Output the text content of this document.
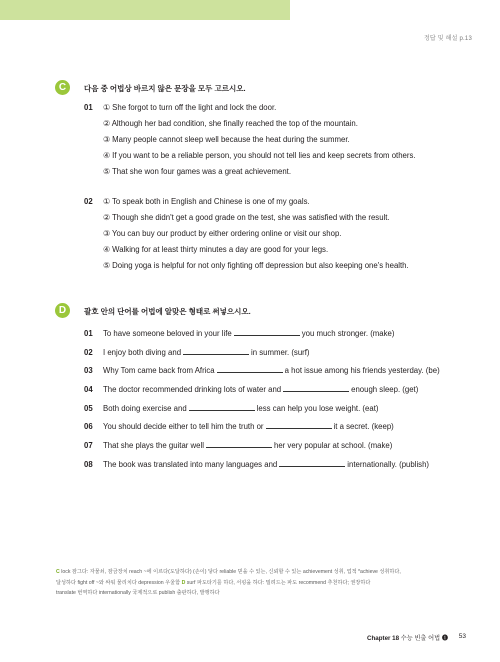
정답 및 해설 p.13
C	다음 중 어법상 바르지 않은 문장을 모두 고르시오.
01 ① She forgot to turn off the light and lock the door.
② Although her bad condition, she finally reached the top of the mountain.
③ Many people cannot sleep well because the heat during the summer.
④ If you want to be a reliable person, you should not tell lies and keep secrets from others.
⑤ That she won four games was a great achievement.
02 ① To speak both in English and Chinese is one of my goals.
② Though she didn't get a good grade on the test, she was satisfied with the result.
③ You can buy our product by either ordering online or visit our shop.
④ Walking for at least thirty minutes a day are good for your legs.
⑤ Doing yoga is helpful for not only fighting off depression but also keeping one's health.
D	괄호 안의 단어를 어법에 알맞은 형태로 써넣으시오.
01 To have someone beloved in your life	you much stronger. (make)
02 I enjoy both diving and	in summer. (surf)
03 Why Tom came back from Africa	a hot issue among his friends yesterday. (be)
04 The doctor recommended drinking lots of water and	enough sleep. (get)
05 Both doing exercise and	less can help you lose weight. (eat)
06 You should decide either to tell him the truth or	it a secret. (keep)
07 That she plays the guitar well	her very popular at school. (make)
08 The book was translated into many languages and	internationally. (publish)
C lock 잠그다: 자물쇠, 잠금장치 reach ~에 이르다(도달하다) (손이) 닿다 reliable 믿을 수 있는, 신뢰할 수 있는 achievement 성취, 업적 *achieve 성취하다,
달성하다 fight off ~와 싸워 물리치다 depression 우울함 D surf 파도타기를 하다, 서핑을 하다: 밀려드는 파도 recommend 추천하다; 권장하다
translate 번역하다 internationally 국제적으로 publish 출판하다, 발행하다
Chapter 18 수능 빈출 어법 ❶ 53
